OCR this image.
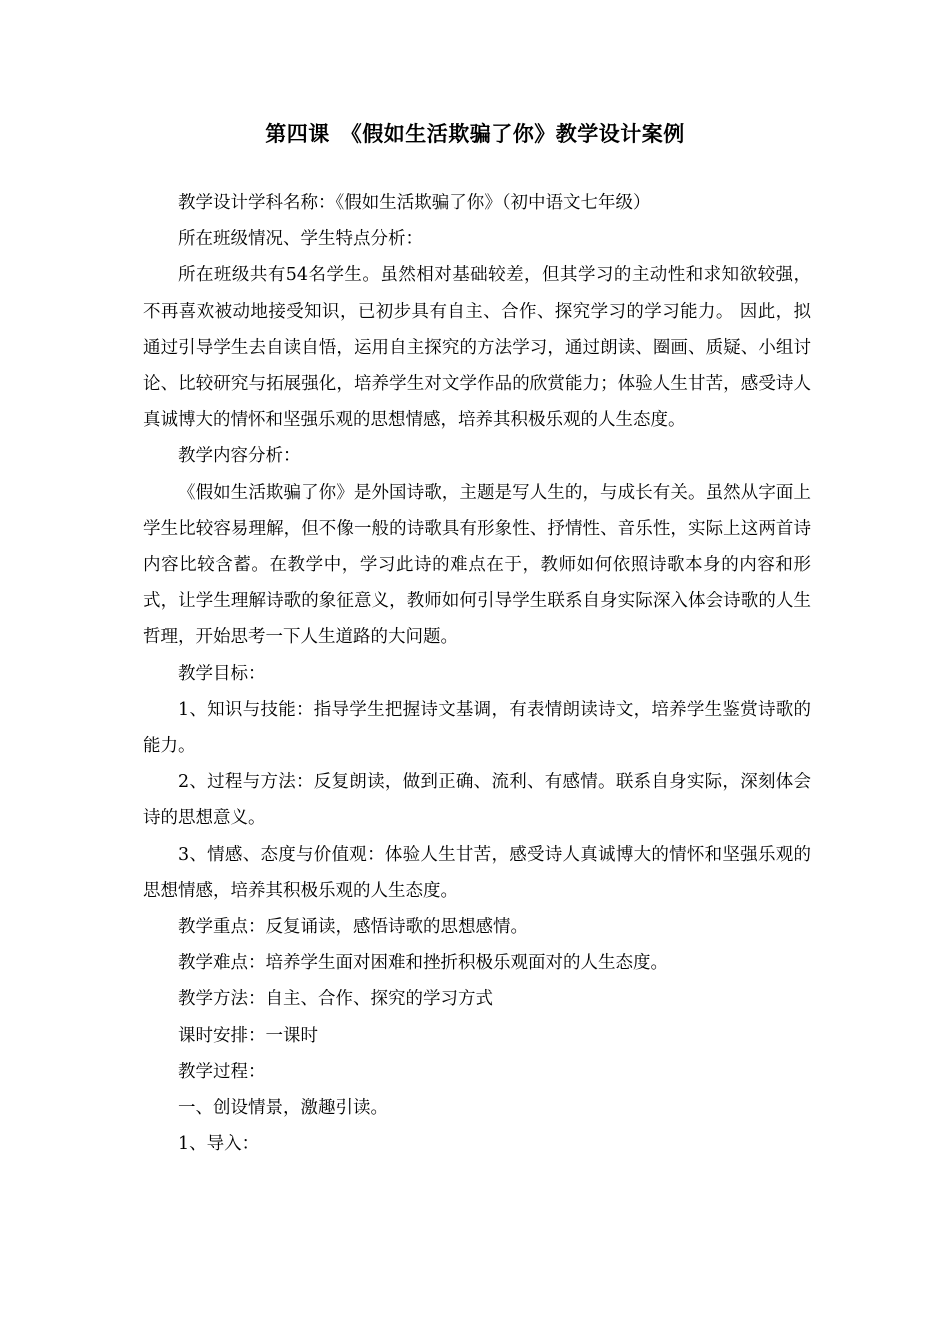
第四课　《假如生活欺骗了你》教学设计案例

教学设计学科名称：《假如生活欺骗了你》（初中语文七年级）

所在班级情况、学生特点分析：

所在班级共有54名学生。虽然相对基础较差，但其学习的主动性和求知欲较强，不再喜欢被动地接受知识，已初步具有自主、合作、探究学习的学习能力。 因此，拟通过引导学生去自读自悟，运用自主探究的方法学习，通过朗读、圈画、质疑、小组讨论、比较研究与拓展强化，培养学生对文学作品的欣赏能力；体验人生甘苦，感受诗人真诚博大的情怀和坚强乐观的思想情感，培养其积极乐观的人生态度。

教学内容分析：

《假如生活欺骗了你》是外国诗歌，主题是写人生的，与成长有关。虽然从字面上学生比较容易理解，但不像一般的诗歌具有形象性、抒情性、音乐性，实际上这两首诗内容比较含蓄。在教学中，学习此诗的难点在于，教师如何依照诗歌本身的内容和形式，让学生理解诗歌的象征意义，教师如何引导学生联系自身实际深入体会诗歌的人生哲理，开始思考一下人生道路的大问题。

教学目标：

1、知识与技能：指导学生把握诗文基调，有表情朗读诗文，培养学生鉴赏诗歌的能力。

2、过程与方法：反复朗读，做到正确、流利、有感情。联系自身实际，深刻体会诗的思想意义。

3、情感、态度与价值观：体验人生甘苦，感受诗人真诚博大的情怀和坚强乐观的思想情感，培养其积极乐观的人生态度。

教学重点：反复诵读，感悟诗歌的思想感情。

教学难点：培养学生面对困难和挫折积极乐观面对的人生态度。

教学方法：自主、合作、探究的学习方式

课时安排：一课时

教学过程：

一、创设情景，激趣引读。

1、导入：
